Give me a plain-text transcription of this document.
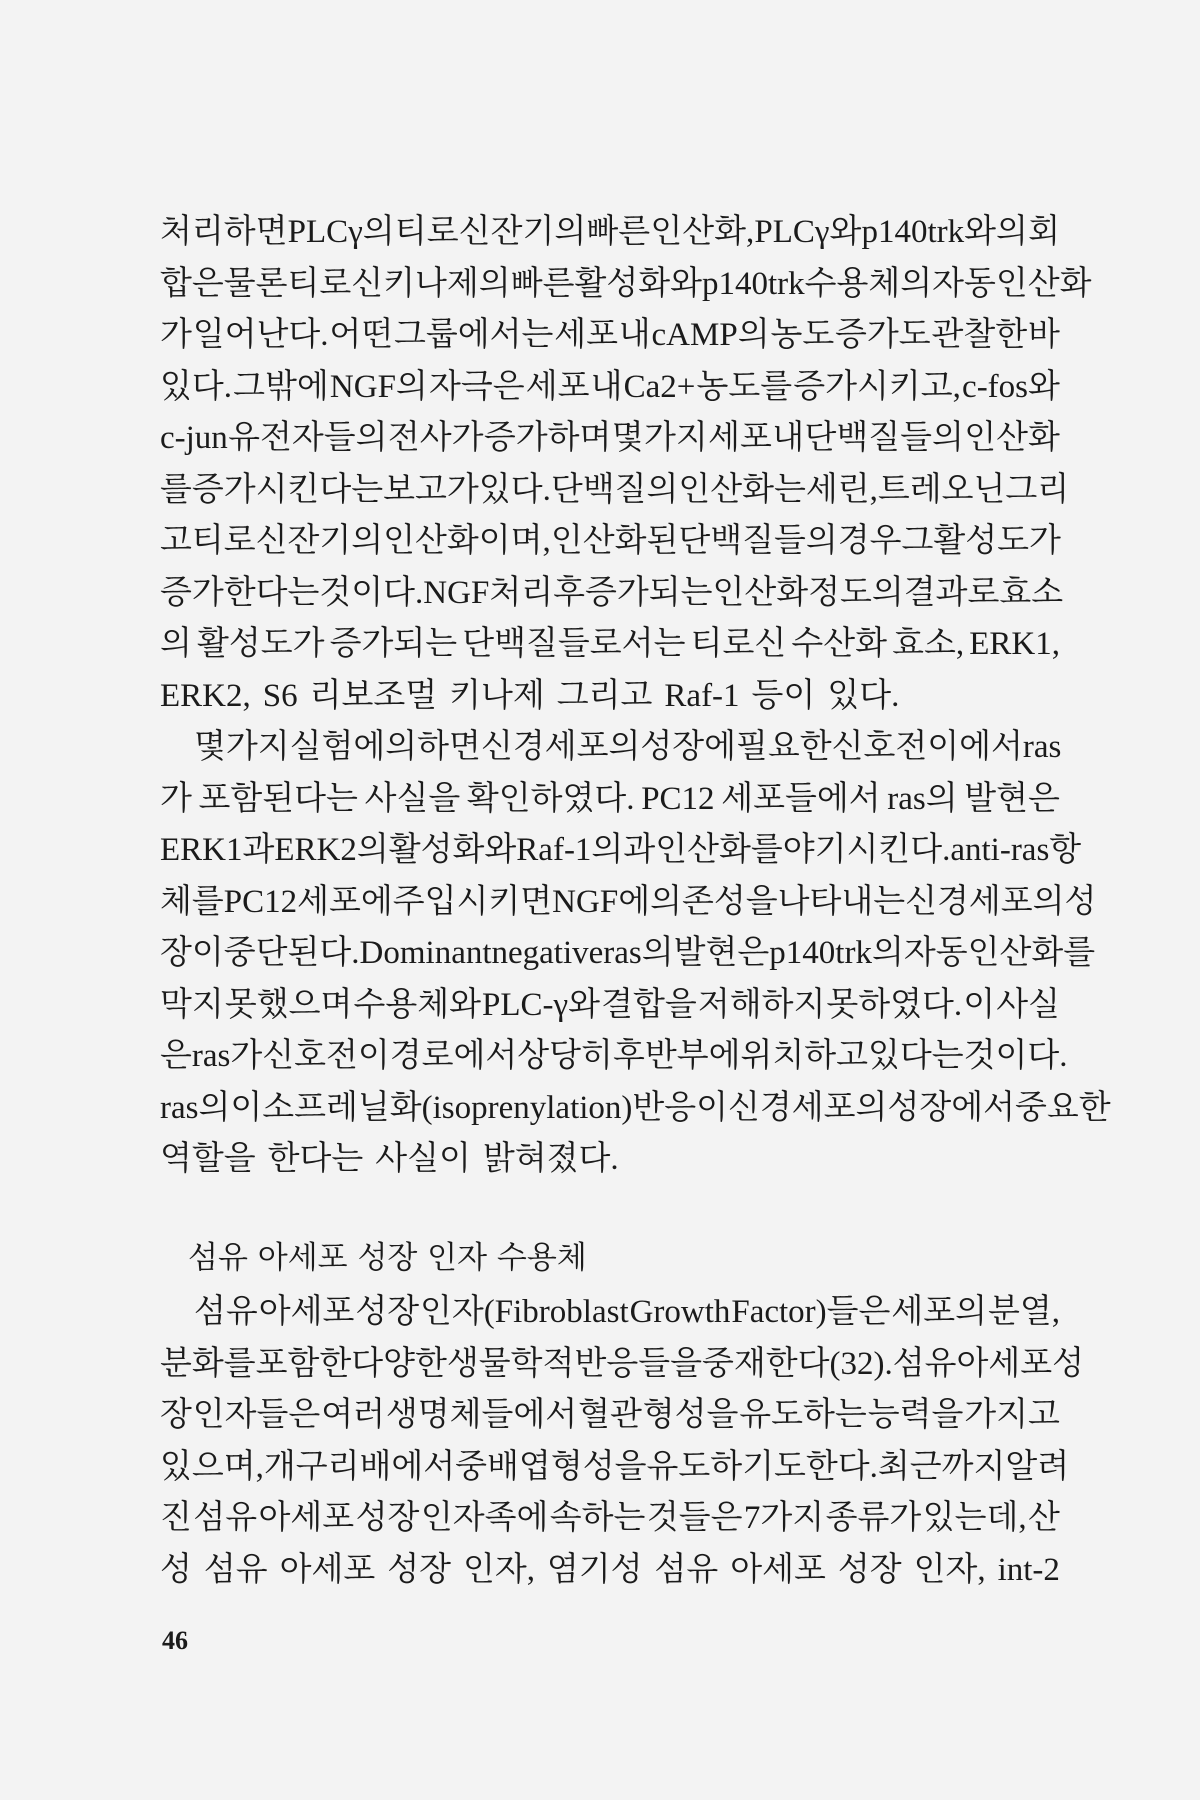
처리하면 PLCγ의 티로신 잔기의 빠른 인산화, PLCγ와 p140trk와의 회
합은 물론 티로신 키나제의 빠른 활성화와 p140trk 수용체의 자동인산화
가 일어난다. 어떤 그룹에서는 세포 내 cAMP의 농도 증가도 관찰한 바
있다. 그밖에 NGF의 자극은 세포 내 Ca2+ 농도를 증가시키고, c-fos와
c-jun 유전자들의 전사가 증가하며 몇 가지 세포 내 단백질들의 인산화
를 증가시킨다는 보고가 있다. 단백질의 인산화는 세린, 트레오닌 그리
고 티로신 잔기의 인산화이며, 인산화된 단백질들의 경우 그 활성도가
증가한다는 것이다. NGF 처리 후 증가되는 인산화 정도의 결과로 효소
의 활성도가 증가되는 단백질들로서는 티로신 수산화 효소, ERK1,
ERK2, S6 리보조멀 키나제 그리고 Raf-1 등이 있다.
몇 가지 실험에 의하면 신경세포의 성장에 필요한 신호 전이에서 ras
가 포함된다는 사실을 확인하였다. PC12 세포들에서 ras의 발현은
ERK1과 ERK2의 활성화와 Raf-1의 과인산화를 야기시킨다. anti-ras 항
체를 PC12 세포에 주입시키면 NGF에 의존성을 나타내는 신경세포의 성
장이 중단된다. Dominant negative ras의 발현은 p140trk의 자동 인산화를
막지 못했으며 수용체와 PLC-γ와 결합을 저해하지 못하였다. 이 사실
은 ras가 신호 전이 경로에서 상당히 후반부에 위치하고 있다는 것이다.
ras의 이소프레닐화(isoprenylation) 반응이 신경세포의 성장에서 중요한
역할을 한다는 사실이 밝혀졌다.
섬유 아세포 성장 인자 수용체
섬유 아세포 성장 인자(Fibroblast Growth Factor)들은 세포의 분열,
분화를 포함한 다양한 생물학적 반응들을 중재한다(32). 섬유 아세포 성
장 인자들은 여러 생명체들에서 혈관 형성을 유도하는 능력을 가지고
있으며, 개구리 배에서 중배엽 형성을 유도하기도 한다. 최근까지 알려
진 섬유 아세포 성장 인자족에 속하는 것들은 7가지 종류가 있는데, 산
성 섬유 아세포 성장 인자, 염기성 섬유 아세포 성장 인자, int-2
46
